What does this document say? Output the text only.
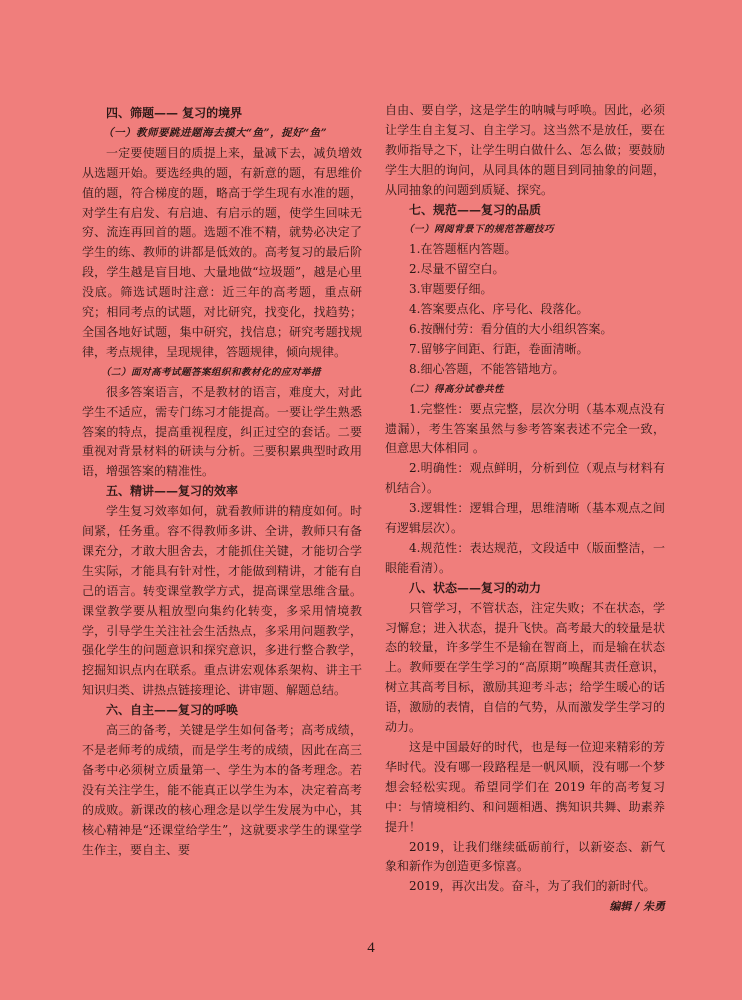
四、筛题—— 复习的境界
（一）教师要跳进题海去摸大“鱼”，捉好“鱼”

一定要使题目的质提上来，量减下去，减负增效从选题开始。要选经典的题，有新意的题，有思维价值的题，符合梯度的题，略高于学生现有水准的题，对学生有启发、有启迪、有启示的题，使学生回味无穷、流连再回首的题。选题不准不精，就势必决定了学生的练、教师的讲都是低效的。高考复习的最后阶段，学生越是盲目地、大量地做“垃圾题”，越是心里没底。筛选试题时注意：近三年的高考题，重点研究；相同考点的试题，对比研究，找变化，找趋势；全国各地好试题，集中研究，找信息；研究考题找规律，考点规律，呈现规律，答题规律，倾向规律。

（二）面对高考试题答案组织和教材化的应对举措

很多答案语言，不是教材的语言，难度大，对此学生不适应，需专门练习才能提高。一要让学生熟悉答案的特点，提高重视程度，纠正过空的套话。二要重视对背景材料的研读与分析。三要积累典型时政用语，增强答案的精准性。

五、精讲——复习的效率

学生复习效率如何，就看教师讲的精度如何。时间紧，任务重。容不得教师多讲、全讲，教师只有备课充分，才敢大胆舍去，才能抓住关键，才能切合学生实际，才能具有针对性，才能做到精讲，才能有自己的语言。转变课堂教学方式，提高课堂思维含量。课堂教学要从粗放型向集约化转变，多采用情境教学，引导学生关注社会生活热点，多采用问题教学，强化学生的问题意识和探究意识，多进行整合教学，挖掘知识点内在联系。重点讲宏观体系架构、讲主干知识归类、讲热点链接理论、讲审题、解题总结。

六、自主——复习的呼唤

高三的备考，关键是学生如何备考；高考成绩，不是老师考的成绩，而是学生考的成绩，因此在高三备考中必须树立质量第一、学生为本的备考理念。若没有关注学生，能不能真正以学生为本，决定着高考的成败。新课改的核心理念是以学生发展为中心，其核心精神是“还课堂给学生”，这就要求学生的课堂学生作主，要自主、要

自由、要自学，这是学生的呐喊与呼唤。因此，必须让学生自主复习、自主学习。这当然不是放任，要在教师指导之下，让学生明白做什么、怎么做；要鼓励学生大胆的询问，从同具体的题目到同抽象的问题，从同抽象的问题到质疑、探究。

七、规范——复习的品质
（一）网阅背景下的规范答题技巧

1.在答题框内答题。

2.尽量不留空白。

3.审题要仔细。

4.答案要点化、序号化、段落化。

6.按酬付劳：看分值的大小组织答案。

7.留够字间距、行距，卷面清晰。

8.细心答题，不能答错地方。

（二）得高分试卷共性

1.完整性：要点完整，层次分明（基本观点没有遗漏），考生答案虽然与参考答案表述不完全一致，但意思大体相同 。

2.明确性：观点鲜明，分析到位（观点与材料有机结合）。

3.逻辑性：逻辑合理，思维清晰（基本观点之间有逻辑层次）。

4.规范性：表达规范，文段适中（版面整洁，一眼能看清）。

八、状态——复习的动力

只管学习，不管状态，注定失败；不在状态，学习懈怠；进入状态，提升飞快。高考最大的较量是状态的较量，许多学生不是输在智商上，而是输在状态上。教师要在学生学习的“高原期”唤醒其责任意识，树立其高考目标，激励其迎考斗志；给学生暖心的话语，激励的表情，自信的气势，从而激发学生学习的动力。

这是中国最好的时代，也是每一位迎来精彩的芳华时代。没有哪一段路程是一帆风顺，没有哪一个梦想会轻松实现。希望同学们在 2019 年的高考复习中：与情境相约、和问题相遇、携知识共舞、助素养提升！

2019，让我们继续砥砺前行，以新姿态、新气象和新作为创造更多惊喜。

2019，再次出发。奋斗，为了我们的新时代。

编辑 / 朱勇

4
